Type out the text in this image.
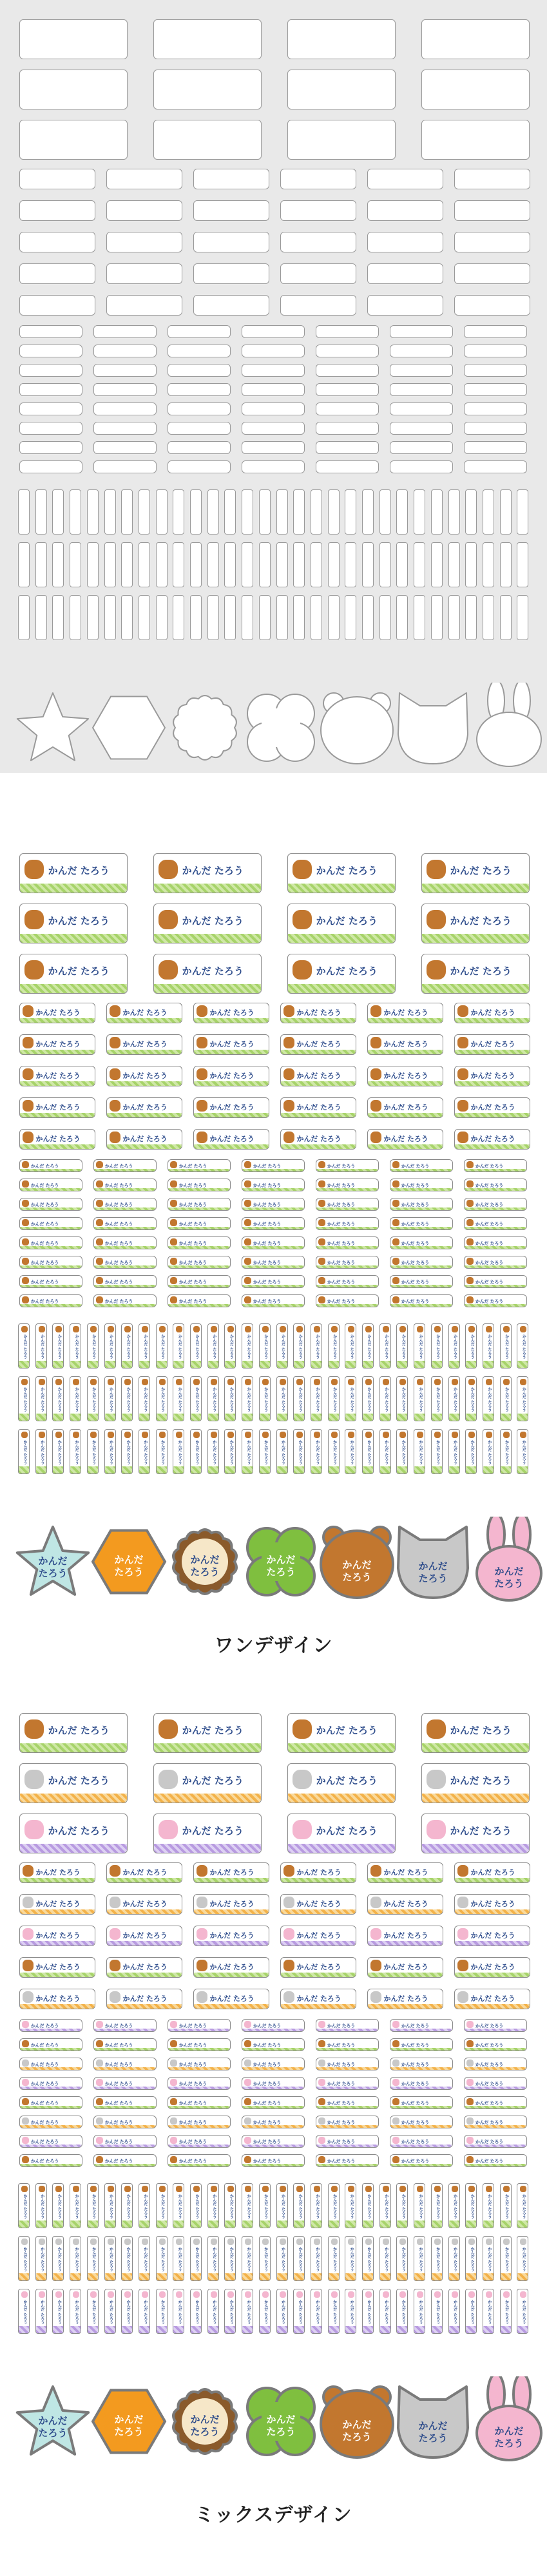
かんだ たろう	かんだ たろう	かんだ たろう	かんだ たろう
かんだ たろう	かんだ たろう	かんだ たろう	かんだ たろう
かんだ たろう	かんだ たろう	かんだ たろう	かんだ たろう
かんだ たろう	かんだ たろう	かんだ たろう	かんだ たろう	かんだ たろう	かんだ たろう
かんだ たろう	かんだ たろう	かんだ たろう	かんだ たろう	かんだ たろう	かんだ たろう
かんだ たろう	かんだ たろう	かんだ たろう	かんだ たろう	かんだ たろう	かんだ たろう
かんだ たろう	かんだ たろう	かんだ たろう	かんだ たろう	かんだ たろう	かんだ たろう
かんだ たろう	かんだ たろう	かんだ たろう	かんだ たろう	かんだ たろう	かんだ たろう
かんだ たろう	かんだ たろう	かんだ たろう	かんだ たろう	かんだ たろう	かんだ たろう	かんだ たろう
かんだ たろう	かんだ たろう	かんだ たろう	かんだ たろう	かんだ たろう	かんだ たろう	かんだ たろう
かんだ たろう	かんだ たろう	かんだ たろう	かんだ たろう	かんだ たろう	かんだ たろう	かんだ たろう
かんだ たろう	かんだ たろう	かんだ たろう	かんだ たろう	かんだ たろう	かんだ たろう	かんだ たろう
かんだ たろう	かんだ たろう	かんだ たろう	かんだ たろう	かんだ たろう	かんだ たろう	かんだ たろう
かんだ たろう	かんだ たろう	かんだ たろう	かんだ たろう	かんだ たろう	かんだ たろう	かんだ たろう
かんだ たろう	かんだ たろう	かんだ たろう	かんだ たろう	かんだ たろう	かんだ たろう	かんだ たろう
かんだ たろう	かんだ たろう	かんだ たろう	かんだ たろう	かんだ たろう	かんだ たろう	かんだ たろう
かんだ たろう	かんだ たろう	かんだ たろう	かんだ たろう	かんだ たろう	かんだ たろう	かんだ たろう	かんだ たろう	かんだ たろう	かんだ たろう	かんだ たろう	かんだ たろう	かんだ たろう	かんだ たろう	かんだ たろう	かんだ たろう	かんだ たろう	かんだ たろう	かんだ たろう	かんだ たろう	かんだ たろう	かんだ たろう	かんだ たろう	かんだ たろう	かんだ たろう	かんだ たろう	かんだ たろう	かんだ たろう	かんだ たろう	かんだ たろう
かんだ たろう	かんだ たろう	かんだ たろう	かんだ たろう	かんだ たろう	かんだ たろう	かんだ たろう	かんだ たろう	かんだ たろう	かんだ たろう	かんだ たろう	かんだ たろう	かんだ たろう	かんだ たろう	かんだ たろう	かんだ たろう	かんだ たろう	かんだ たろう	かんだ たろう	かんだ たろう	かんだ たろう	かんだ たろう	かんだ たろう	かんだ たろう	かんだ たろう	かんだ たろう	かんだ たろう	かんだ たろう	かんだ たろう	かんだ たろう
かんだ たろう	かんだ たろう	かんだ たろう	かんだ たろう	かんだ たろう	かんだ たろう	かんだ たろう	かんだ たろう	かんだ たろう	かんだ たろう	かんだ たろう	かんだ たろう	かんだ たろう	かんだ たろう	かんだ たろう	かんだ たろう	かんだ たろう	かんだ たろう	かんだ たろう	かんだ たろう	かんだ たろう	かんだ たろう	かんだ たろう	かんだ たろう	かんだ たろう	かんだ たろう	かんだ たろう	かんだ たろう	かんだ たろう	かんだ たろう
かんだ
たろう
かんだ
たろう
かんだ
たろう
かんだ
たろう
かんだ
たろう
かんだ
たろう
かんだ
たろう
ワンデザイン
かんだ たろう	かんだ たろう	かんだ たろう	かんだ たろう
かんだ たろう	かんだ たろう	かんだ たろう	かんだ たろう
かんだ たろう	かんだ たろう	かんだ たろう	かんだ たろう
かんだ たろう	かんだ たろう	かんだ たろう	かんだ たろう	かんだ たろう	かんだ たろう
かんだ たろう	かんだ たろう	かんだ たろう	かんだ たろう	かんだ たろう	かんだ たろう
かんだ たろう	かんだ たろう	かんだ たろう	かんだ たろう	かんだ たろう	かんだ たろう
かんだ たろう	かんだ たろう	かんだ たろう	かんだ たろう	かんだ たろう	かんだ たろう
かんだ たろう	かんだ たろう	かんだ たろう	かんだ たろう	かんだ たろう	かんだ たろう
かんだ たろう	かんだ たろう	かんだ たろう	かんだ たろう	かんだ たろう	かんだ たろう	かんだ たろう
かんだ たろう	かんだ たろう	かんだ たろう	かんだ たろう	かんだ たろう	かんだ たろう	かんだ たろう
かんだ たろう	かんだ たろう	かんだ たろう	かんだ たろう	かんだ たろう	かんだ たろう	かんだ たろう
かんだ たろう	かんだ たろう	かんだ たろう	かんだ たろう	かんだ たろう	かんだ たろう	かんだ たろう
かんだ たろう	かんだ たろう	かんだ たろう	かんだ たろう	かんだ たろう	かんだ たろう	かんだ たろう
かんだ たろう	かんだ たろう	かんだ たろう	かんだ たろう	かんだ たろう	かんだ たろう	かんだ たろう
かんだ たろう	かんだ たろう	かんだ たろう	かんだ たろう	かんだ たろう	かんだ たろう	かんだ たろう
かんだ たろう	かんだ たろう	かんだ たろう	かんだ たろう	かんだ たろう	かんだ たろう	かんだ たろう
かんだ たろう	かんだ たろう	かんだ たろう	かんだ たろう	かんだ たろう	かんだ たろう	かんだ たろう	かんだ たろう	かんだ たろう	かんだ たろう	かんだ たろう	かんだ たろう	かんだ たろう	かんだ たろう	かんだ たろう	かんだ たろう	かんだ たろう	かんだ たろう	かんだ たろう	かんだ たろう	かんだ たろう	かんだ たろう	かんだ たろう	かんだ たろう	かんだ たろう	かんだ たろう	かんだ たろう	かんだ たろう	かんだ たろう	かんだ たろう
かんだ たろう	かんだ たろう	かんだ たろう	かんだ たろう	かんだ たろう	かんだ たろう	かんだ たろう	かんだ たろう	かんだ たろう	かんだ たろう	かんだ たろう	かんだ たろう	かんだ たろう	かんだ たろう	かんだ たろう	かんだ たろう	かんだ たろう	かんだ たろう	かんだ たろう	かんだ たろう	かんだ たろう	かんだ たろう	かんだ たろう	かんだ たろう	かんだ たろう	かんだ たろう	かんだ たろう	かんだ たろう	かんだ たろう	かんだ たろう
かんだ たろう	かんだ たろう	かんだ たろう	かんだ たろう	かんだ たろう	かんだ たろう	かんだ たろう	かんだ たろう	かんだ たろう	かんだ たろう	かんだ たろう	かんだ たろう	かんだ たろう	かんだ たろう	かんだ たろう	かんだ たろう	かんだ たろう	かんだ たろう	かんだ たろう	かんだ たろう	かんだ たろう	かんだ たろう	かんだ たろう	かんだ たろう	かんだ たろう	かんだ たろう	かんだ たろう	かんだ たろう	かんだ たろう	かんだ たろう
かんだ
たろう
かんだ
たろう
かんだ
たろう
かんだ
たろう
かんだ
たろう
かんだ
たろう
かんだ
たろう
ミックスデザイン
